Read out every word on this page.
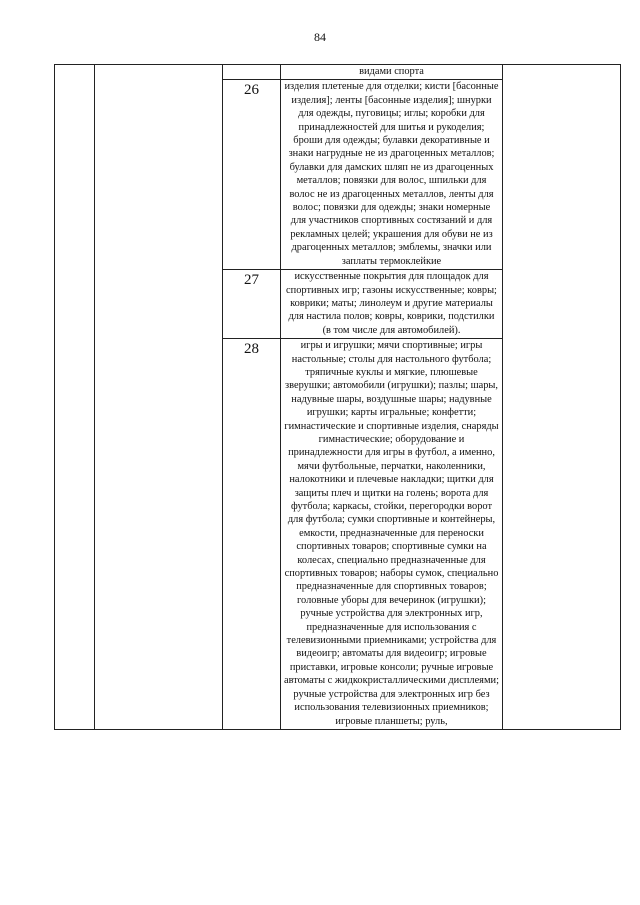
84
			видами спорта	
		26	изделия плетеные для отделки; кисти [басонные изделия]; ленты [басонные изделия]; шнурки для одежды, пуговицы; иглы; коробки для принадлежностей для шитья и рукоделия; броши для одежды; булавки декоративные и знаки нагрудные не из драгоценных металлов; булавки для дамских шляп не из драгоценных металлов; повязки для волос, шпильки для волос не из драгоценных металлов, ленты для волос; повязки для одежды; знаки номерные для участников спортивных состязаний и для рекламных целей; украшения для обуви не из драгоценных металлов; эмблемы, значки или заплаты термоклейкие	
		27	искусственные покрытия для площадок для спортивных игр; газоны искусственные; ковры; коврики; маты; линолеум и другие материалы для настила полов; ковры, коврики, подстилки (в том числе для автомобилей).	
		28	игры и игрушки; мячи спортивные; игры настольные; столы для настольного футбола; тряпичные куклы и мягкие, плюшевые зверушки; автомобили (игрушки); пазлы; шары, надувные шары, воздушные шары; надувные игрушки; карты игральные; конфетти; гимнастические и спортивные изделия, снаряды гимнастические; оборудование и принадлежности для игры в футбол, а именно, мячи футбольные, перчатки, наколенники, налокотники и плечевые накладки; щитки для защиты плеч и щитки на голень; ворота для футбола; каркасы, стойки, перегородки ворот для футбола; сумки спортивные и контейнеры, емкости, предназначенные для переноски спортивных товаров; спортивные сумки на колесах, специально предназначенные для спортивных товаров; наборы сумок, специально предназначенные для спортивных товаров; головные уборы для вечеринок (игрушки); ручные устройства для электронных игр, предназначенные для использования с телевизионными приемниками; устройства для видеоигр; автоматы для видеоигр; игровые приставки, игровые консоли; ручные игровые автоматы с жидкокристаллическими дисплеями; ручные устройства для электронных игр без использования телевизионных приемников; игровые планшеты; руль,	
